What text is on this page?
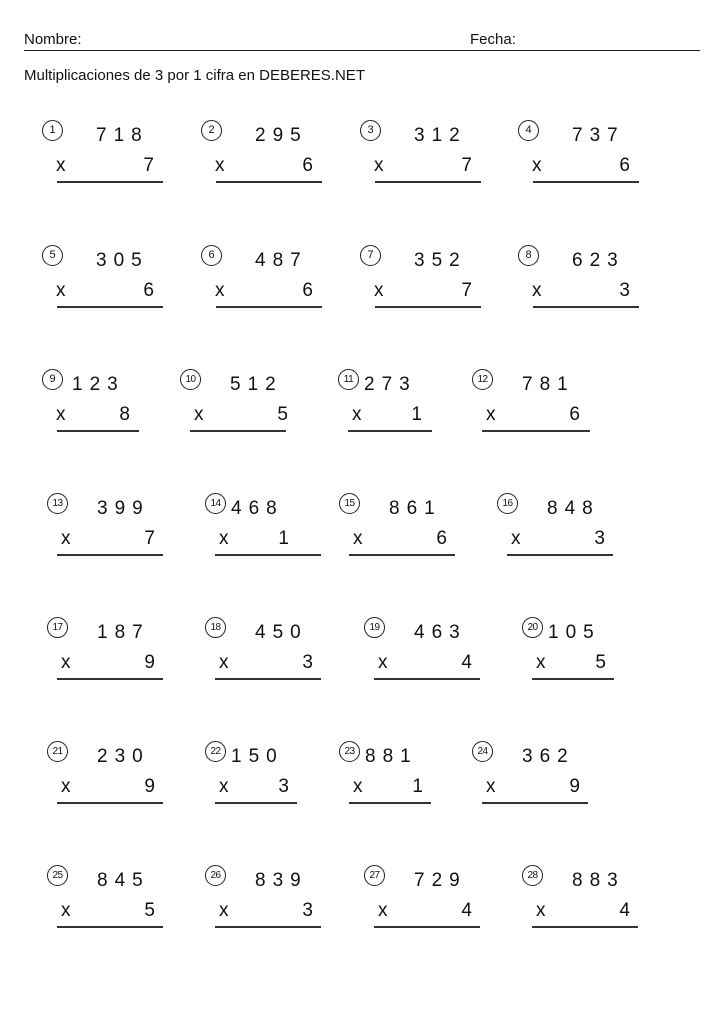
Nombre:	Fecha:
Multiplicaciones de 3 por 1 cifra en DEBERES.NET
1	718
x	7
2	295
x	6
3	312
x	7
4	737
x	6
5	305
x	6
6	487
x	6
7	352
x	7
8	623
x	3
9 123
x	8
10 512
x	5
11 273
x	1
12 781
x	6
13 399
x	7
14 468
x	1
15 861
x	6
16 848
x	3
17 187
x	9
18 450
x	3
19 463
x	4
20 105
x	5
21 230
x	9
22 150
x	3
23 881
x	1
24 362
x	9
25 845
x	5
26 839
x	3
27 729
x	4
28 883
x	4
